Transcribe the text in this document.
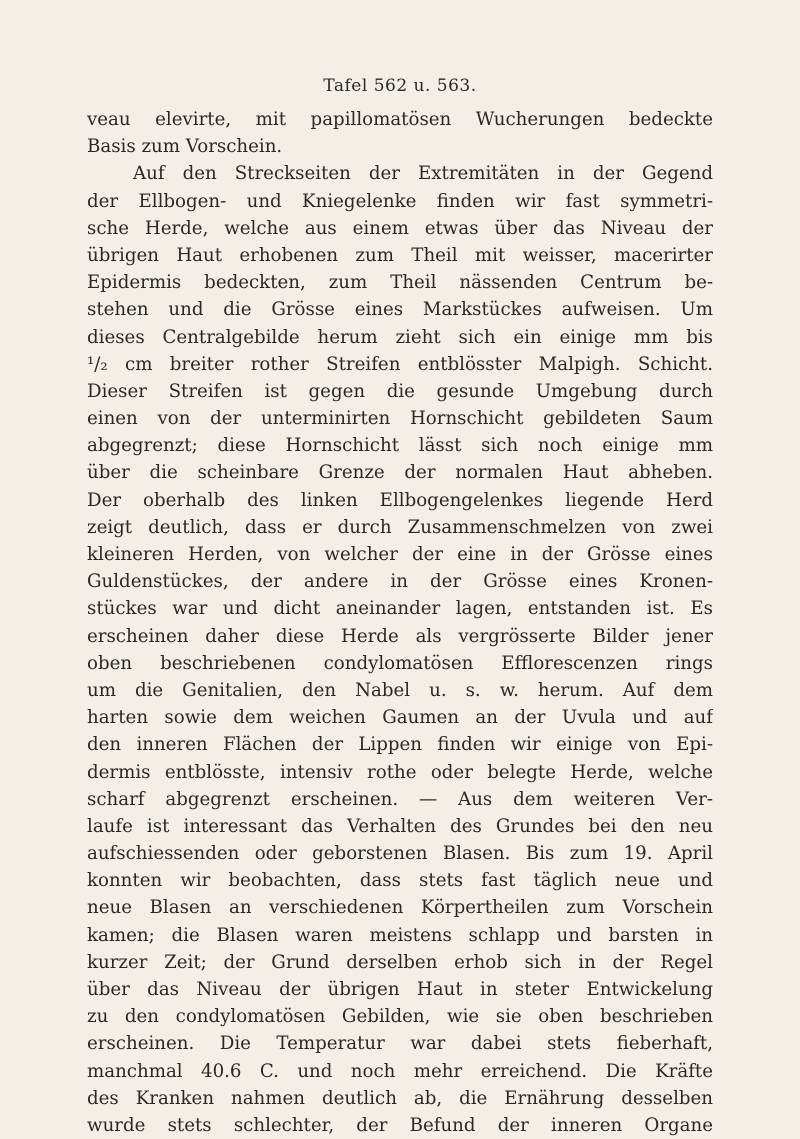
Tafel 562 u. 563.
veau elevirte, mit papillomatösen Wucherungen bedeckte
Basis zum Vorschein.
Auf den Streckseiten der Extremitäten in der Gegend
der Ellbogen- und Kniegelenke finden wir fast symmetri-
sche Herde, welche aus einem etwas über das Niveau der
übrigen Haut erhobenen zum Theil mit weisser, macerirter
Epidermis bedeckten, zum Theil nässenden Centrum be-
stehen und die Grösse eines Markstückes aufweisen. Um
dieses Centralgebilde herum zieht sich ein einige mm bis
¹/₂ cm breiter rother Streifen entblösster Malpigh. Schicht.
Dieser Streifen ist gegen die gesunde Umgebung durch
einen von der unterminirten Hornschicht gebildeten Saum
abgegrenzt; diese Hornschicht lässt sich noch einige mm
über die scheinbare Grenze der normalen Haut abheben.
Der oberhalb des linken Ellbogengelenkes liegende Herd
zeigt deutlich, dass er durch Zusammenschmelzen von zwei
kleineren Herden, von welcher der eine in der Grösse eines
Guldenstückes, der andere in der Grösse eines Kronen-
stückes war und dicht aneinander lagen, entstanden ist. Es
erscheinen daher diese Herde als vergrösserte Bilder jener
oben beschriebenen condylomatösen Efflorescenzen rings
um die Genitalien, den Nabel u. s. w. herum. Auf dem
harten sowie dem weichen Gaumen an der Uvula und auf
den inneren Flächen der Lippen finden wir einige von Epi-
dermis entblösste, intensiv rothe oder belegte Herde, welche
scharf abgegrenzt erscheinen. — Aus dem weiteren Ver-
laufe ist interessant das Verhalten des Grundes bei den neu
aufschiessenden oder geborstenen Blasen. Bis zum 19. April
konnten wir beobachten, dass stets fast täglich neue und
neue Blasen an verschiedenen Körpertheilen zum Vorschein
kamen; die Blasen waren meistens schlapp und barsten in
kurzer Zeit; der Grund derselben erhob sich in der Regel
über das Niveau der übrigen Haut in steter Entwickelung
zu den condylomatösen Gebilden, wie sie oben beschrieben
erscheinen. Die Temperatur war dabei stets fieberhaft,
manchmal 40.6 C. und noch mehr erreichend. Die Kräfte
des Kranken nahmen deutlich ab, die Ernährung desselben
wurde stets schlechter, der Befund der inneren Organe
